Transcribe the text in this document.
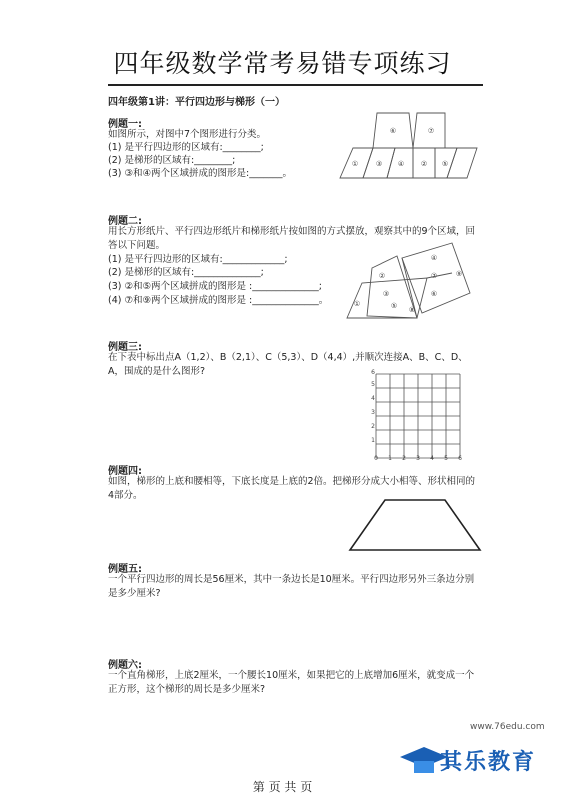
四年级数学常考易错专项练习
四年级第1讲：平行四边形与梯形（一）
例题一:
如图所示，对图中7个图形进行分类。
(1) 是平行四边形的区域有:________;
(2) 是梯形的区域有:________;
(3) ③和④两个区域拼成的图形是:_______。
①	③ ④ ② ⑤
⑥	⑦
例题二:
用长方形纸片、平行四边形纸片和梯形纸片按如图的方式摆放，观察其中的9个区域，回答以下问题。
(1) 是平行四边形的区域有:_____________;
(2) 是梯形的区域有:______________;
(3) ②和⑤两个区域拼成的图形是 :______________;
(4) ⑦和⑨两个区域拼成的图形是 :______________。	①
②
③
④
⑤
⑥
⑦
⑧
⑨
例题三:
在下表中标出点A（1,2）、B（2,1）、C（5,3）、D（4,4）,并顺次连接A、B、C、D、A，围成的是什么图形?
0 1 2 3 4 5 6
1
2
3
4
5
6
例题四:
如图，梯形的上底和腰相等，下底长度是上底的2倍。把梯形分成大小相等、形状相同的4部分。
例题五:
一个平行四边形的周长是56厘米，其中一条边长是10厘米。平行四边形另外三条边分别是多少厘米?
例题六:
一个直角梯形，上底2厘米，一个腰长10厘米，如果把它的上底增加6厘米，就变成一个正方形，这个梯形的周长是多少厘米?
www.76edu.com
其乐教育
第 页 共 页
